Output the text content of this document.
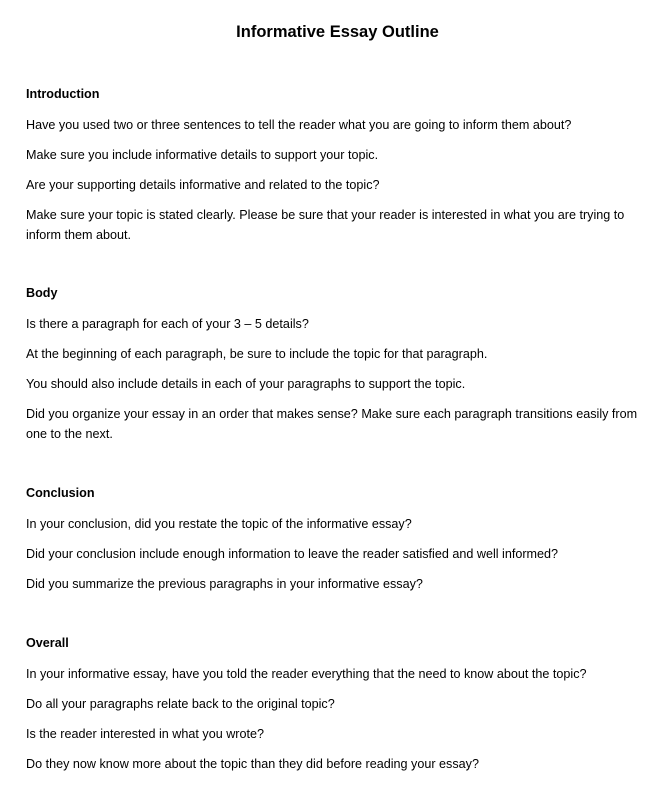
Informative Essay Outline
Introduction
Have you used two or three sentences to tell the reader what you are going to inform them about?
Make sure you include informative details to support your topic.
Are your supporting details informative and related to the topic?
Make sure your topic is stated clearly. Please be sure that your reader is interested in what you are trying to inform them about.
Body
Is there a paragraph for each of your 3 – 5 details?
At the beginning of each paragraph, be sure to include the topic for that paragraph.
You should also include details in each of your paragraphs to support the topic.
Did you organize your essay in an order that makes sense? Make sure each paragraph transitions easily from one to the next.
Conclusion
In your conclusion, did you restate the topic of the informative essay?
Did your conclusion include enough information to leave the reader satisfied and well informed?
Did you summarize the previous paragraphs in your informative essay?
Overall
In your informative essay, have you told the reader everything that the need to know about the topic?
Do all your paragraphs relate back to the original topic?
Is the reader interested in what you wrote?
Do they now know more about the topic than they did before reading your essay?
